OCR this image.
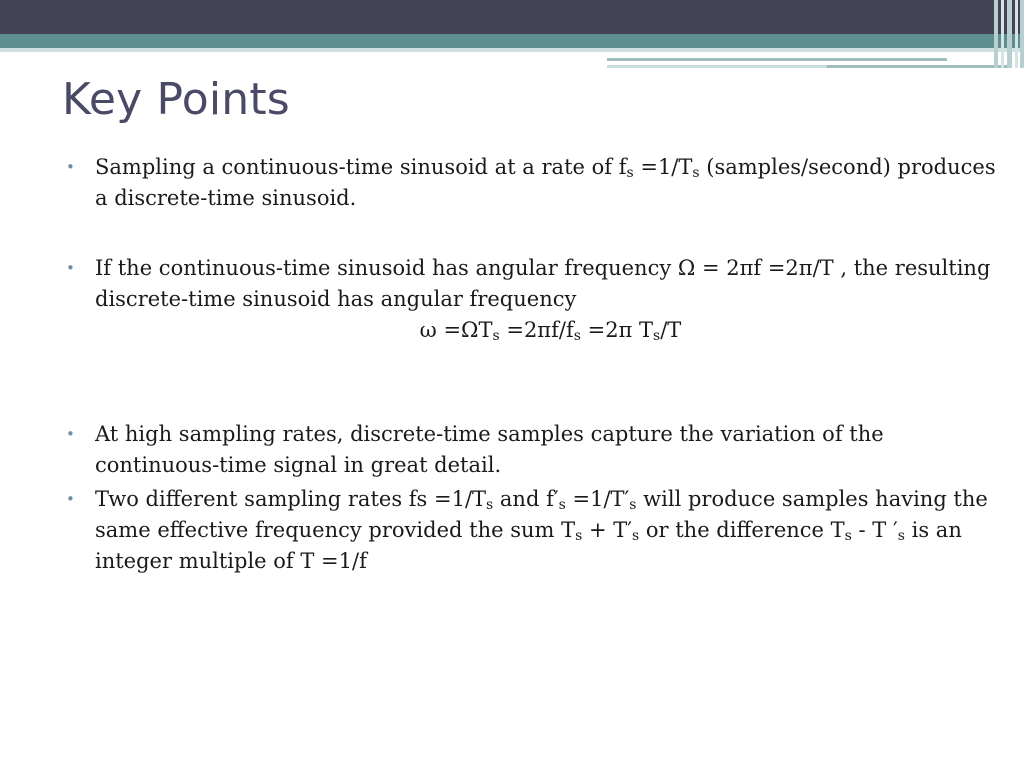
Key Points

• Sampling a continuous-time sinusoid at a rate of $f_s =1/T_s$ (samples/second) produces a discrete-time sinusoid.

• If the continuous-time sinusoid has angular frequency Ω = 2πf =2π/T , the resulting discrete-time sinusoid has angular frequency

$\omega =\Omega T_s =2\pi f/f_s =2\pi$ $T_s/T$

• At high sampling rates, discrete-time samples capture the variation of the continuous-time signal in great detail.

• Two different sampling rates fs $=1/T_s$ and $f'_s =1/T'_s$ will produce samples having the same effective frequency provided the sum $T_s + T'_s$ or the difference $T_s$ - T $'_s$ is an integer multiple of T =1/f
